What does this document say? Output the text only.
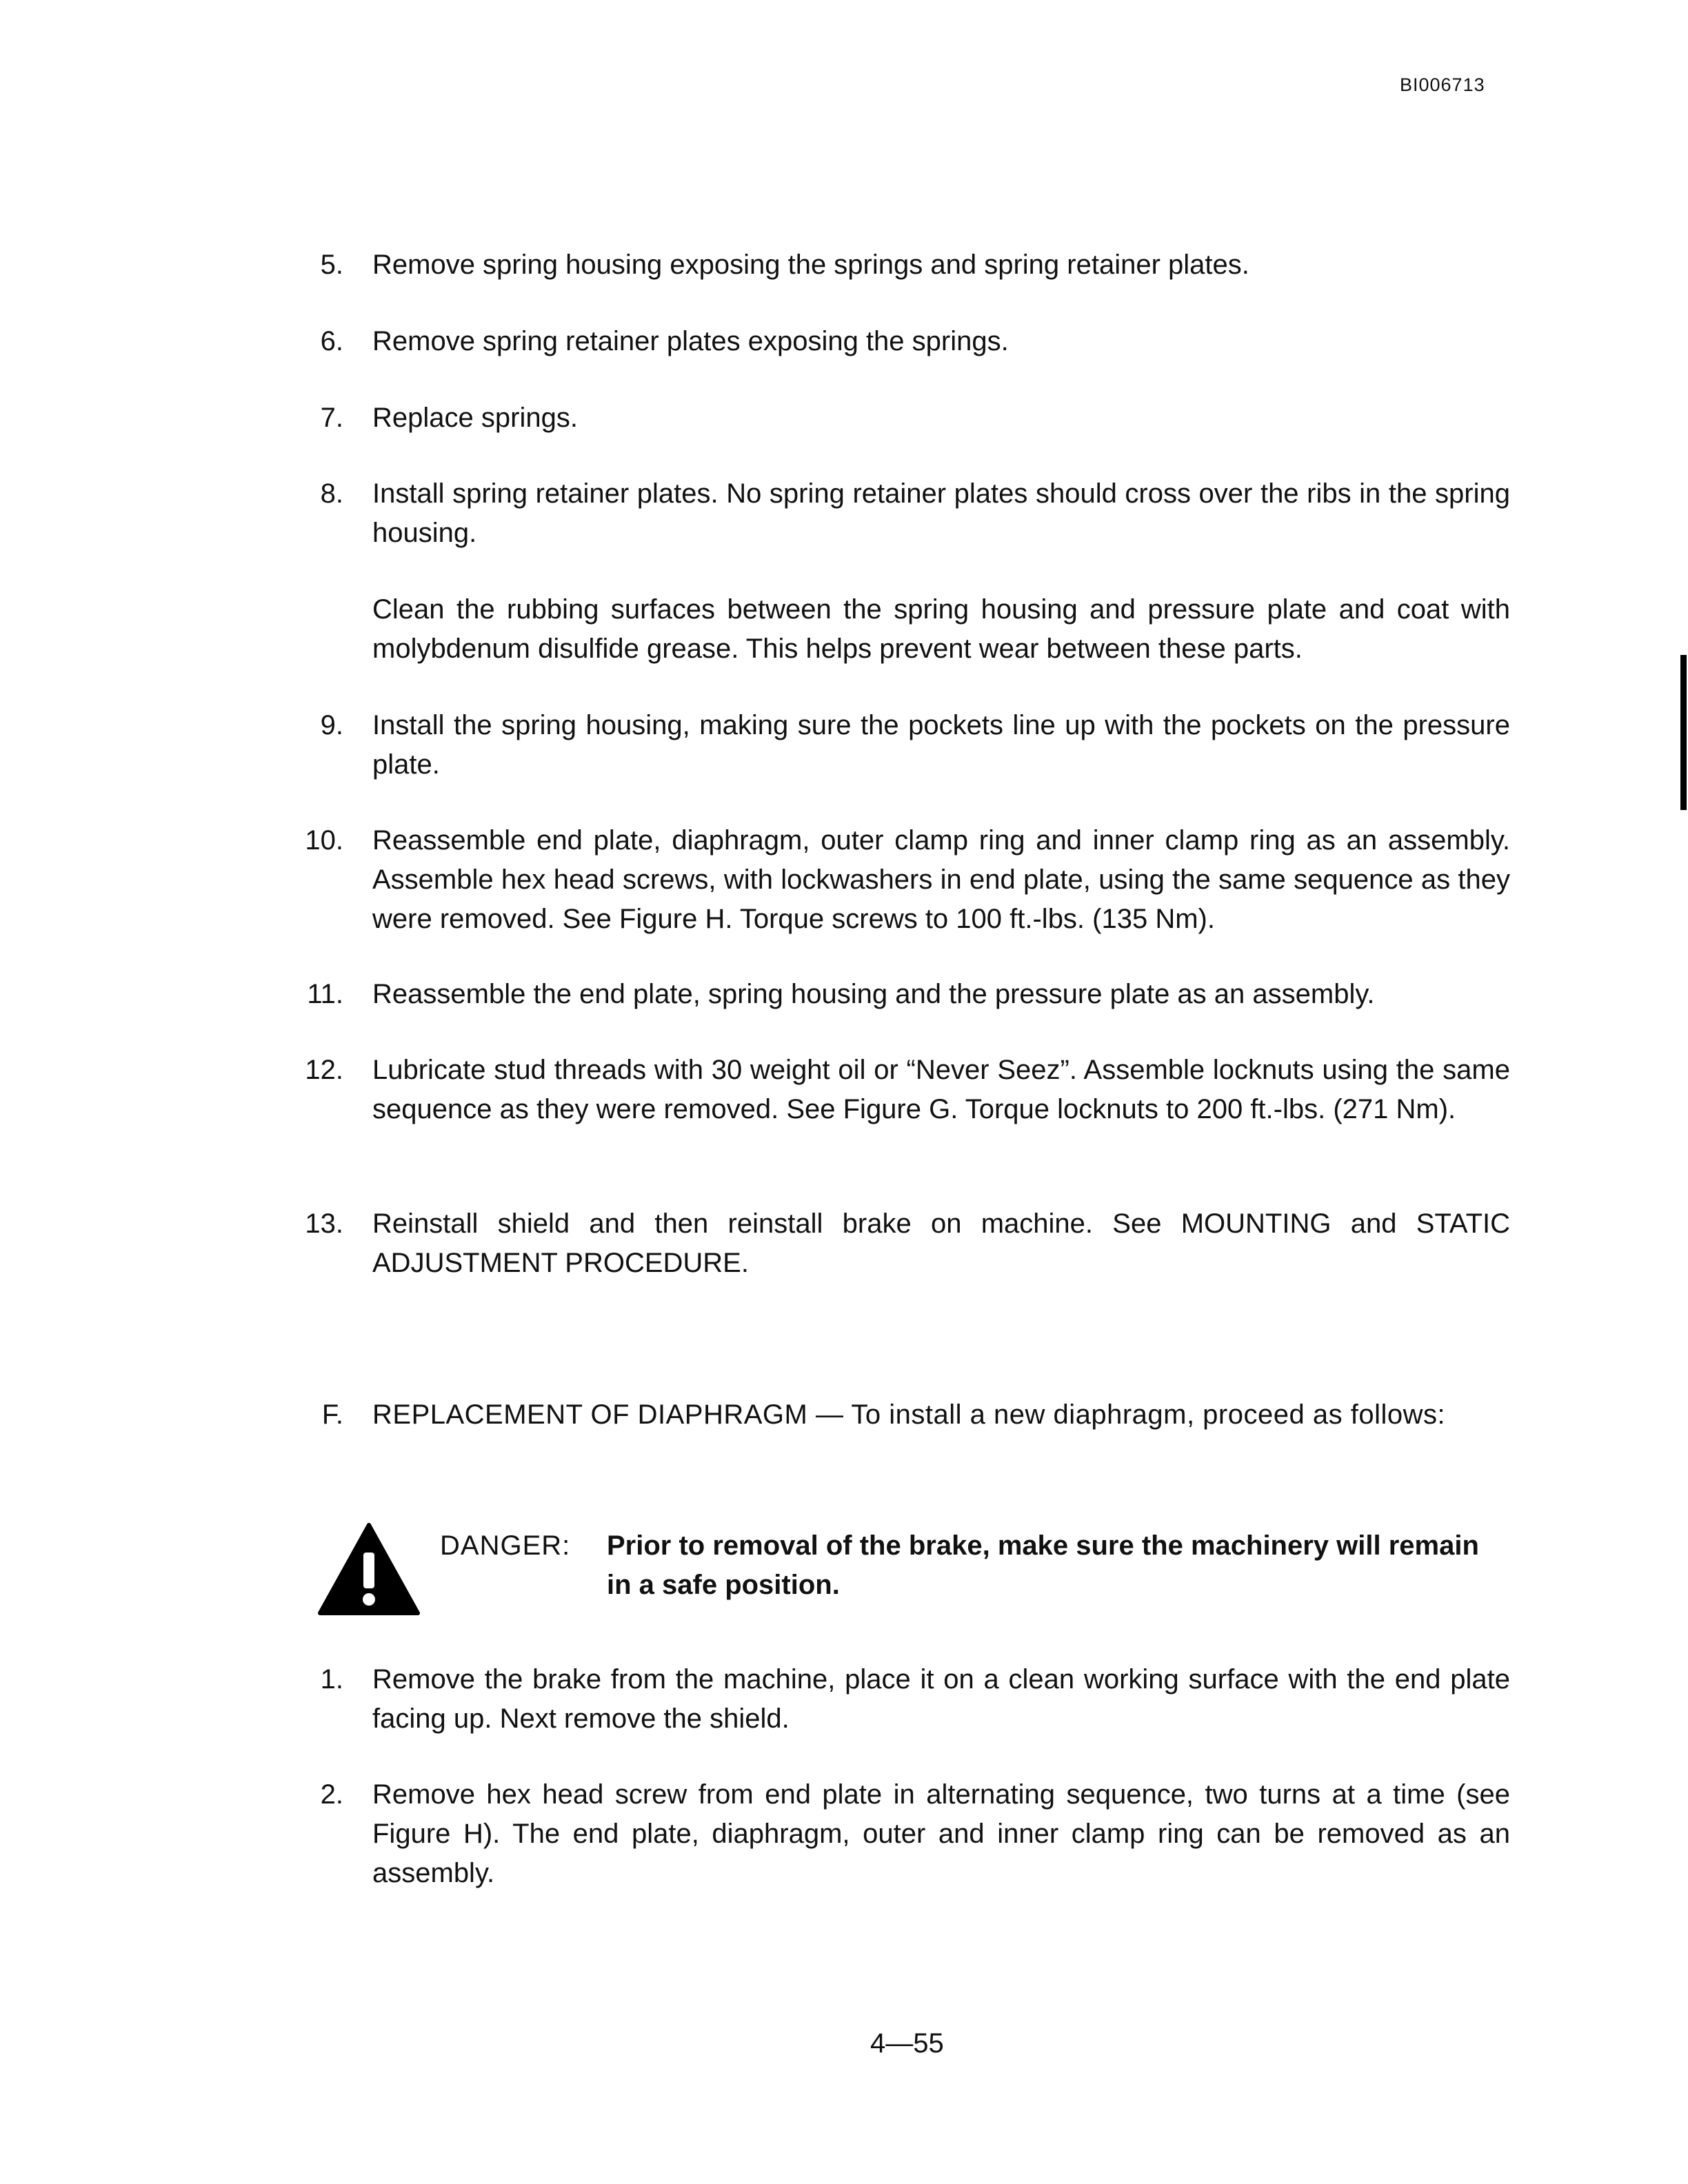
BI006713
5. Remove spring housing exposing the springs and spring retainer plates.
6. Remove spring retainer plates exposing the springs.
7. Replace springs.
8. Install spring retainer plates. No spring retainer plates should cross over the ribs in the spring housing.
Clean the rubbing surfaces between the spring housing and pressure plate and coat with molybdenum disulfide grease. This helps prevent wear between these parts.
9. Install the spring housing, making sure the pockets line up with the pockets on the pressure plate.
10. Reassemble end plate, diaphragm, outer clamp ring and inner clamp ring as an assembly. Assemble hex head screws, with lockwashers in end plate, using the same sequence as they were removed. See Figure H. Torque screws to 100 ft.-lbs. (135 Nm).
11. Reassemble the end plate, spring housing and the pressure plate as an assembly.
12. Lubricate stud threads with 30 weight oil or “Never Seez”. Assemble locknuts using the same sequence as they were removed. See Figure G. Torque locknuts to 200 ft.-lbs. (271 Nm).
13. Reinstall shield and then reinstall brake on machine. See MOUNTING and STATIC ADJUSTMENT PROCEDURE.
F. REPLACEMENT OF DIAPHRAGM — To install a new diaphragm, proceed as follows:
DANGER: Prior to removal of the brake, make sure the machinery will remain in a safe position.
1. Remove the brake from the machine, place it on a clean working surface with the end plate facing up. Next remove the shield.
2. Remove hex head screw from end plate in alternating sequence, two turns at a time (see Figure H). The end plate, diaphragm, outer and inner clamp ring can be removed as an assembly.
4—55
